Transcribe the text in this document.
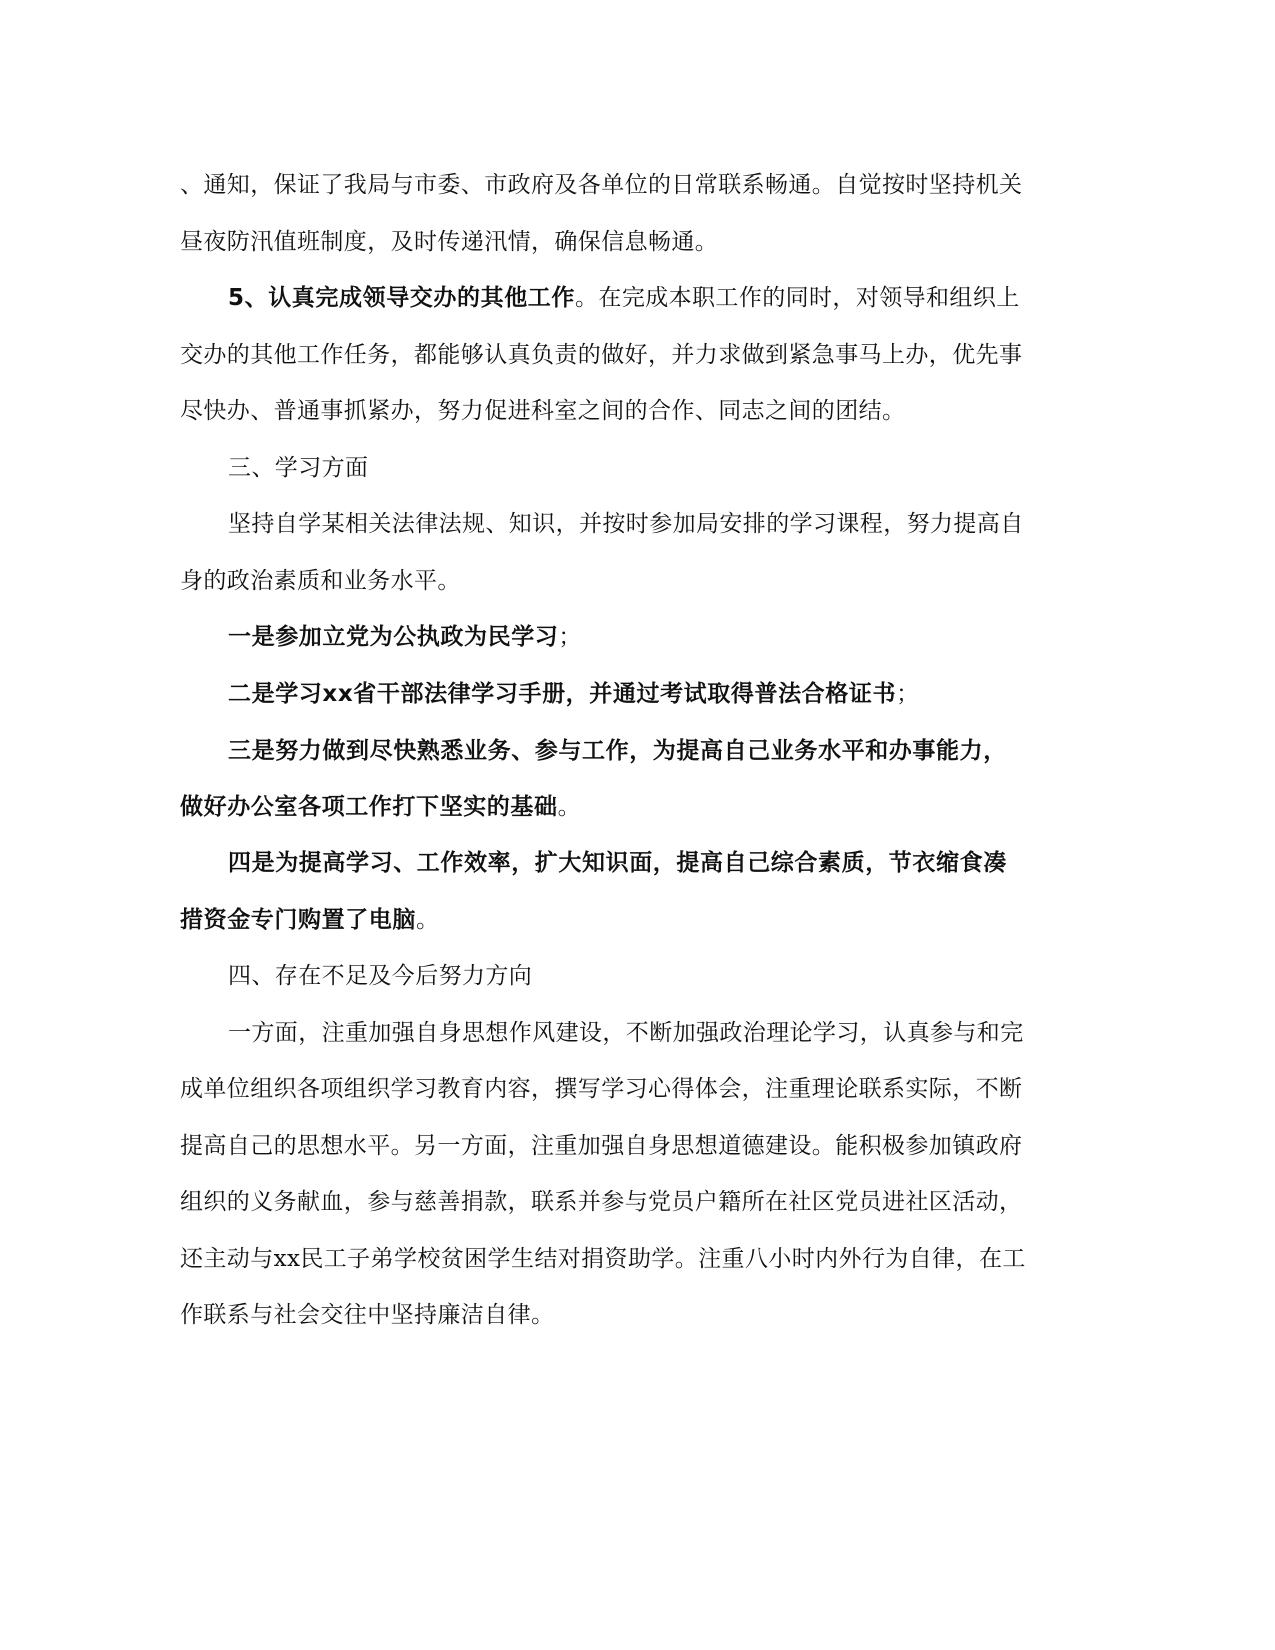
、通知，保证了我局与市委、市政府及各单位的日常联系畅通。自觉按时坚持机关
昼夜防汛值班制度，及时传递汛情，确保信息畅通。
5、认真完成领导交办的其他工作。在完成本职工作的同时，对领导和组织上
交办的其他工作任务，都能够认真负责的做好，并力求做到紧急事马上办，优先事
尽快办、普通事抓紧办，努力促进科室之间的合作、同志之间的团结。
三、学习方面
坚持自学某相关法律法规、知识，并按时参加局安排的学习课程，努力提高自
身的政治素质和业务水平。
一是参加立党为公执政为民学习；
二是学习xx省干部法律学习手册，并通过考试取得普法合格证书；
三是努力做到尽快熟悉业务、参与工作，为提高自己业务水平和办事能力，
做好办公室各项工作打下坚实的基础。
四是为提高学习、工作效率，扩大知识面，提高自己综合素质，节衣缩食凑
措资金专门购置了电脑。
四、存在不足及今后努力方向
一方面，注重加强自身思想作风建设，不断加强政治理论学习，认真参与和完
成单位组织各项组织学习教育内容，撰写学习心得体会，注重理论联系实际，不断
提高自己的思想水平。另一方面，注重加强自身思想道德建设。能积极参加镇政府
组织的义务献血，参与慈善捐款，联系并参与党员户籍所在社区党员进社区活动，
还主动与xx民工子弟学校贫困学生结对捐资助学。注重八小时内外行为自律，在工
作联系与社会交往中坚持廉洁自律。
